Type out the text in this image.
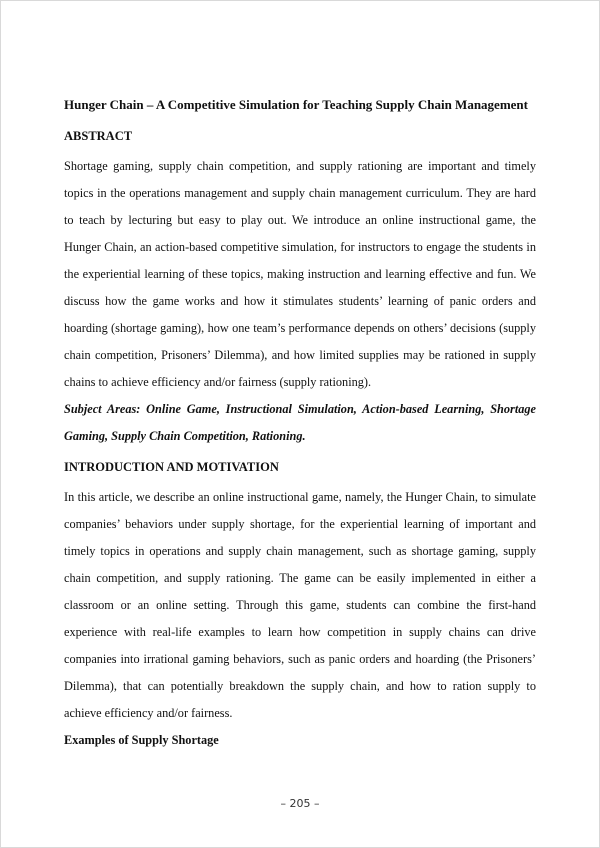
Hunger Chain – A Competitive Simulation for Teaching Supply Chain Management
ABSTRACT

Shortage gaming, supply chain competition, and supply rationing are important and timely topics in the operations management and supply chain management curriculum. They are hard to teach by lecturing but easy to play out. We introduce an online instructional game, the Hunger Chain, an action-based competitive simulation, for instructors to engage the students in the experiential learning of these topics, making instruction and learning effective and fun. We discuss how the game works and how it stimulates students’ learning of panic orders and hoarding (shortage gaming), how one team’s performance depends on others’ decisions (supply chain competition, Prisoners’ Dilemma), and how limited supplies may be rationed in supply chains to achieve efficiency and/or fairness (supply rationing).

Subject Areas: Online Game, Instructional Simulation, Action-based Learning, Shortage Gaming, Supply Chain Competition, Rationing.

INTRODUCTION AND MOTIVATION

In this article, we describe an online instructional game, namely, the Hunger Chain, to simulate companies’ behaviors under supply shortage, for the experiential learning of important and timely topics in operations and supply chain management, such as shortage gaming, supply chain competition, and supply rationing. The game can be easily implemented in either a classroom or an online setting. Through this game, students can combine the first-hand experience with real-life examples to learn how competition in supply chains can drive companies into irrational gaming behaviors, such as panic orders and hoarding (the Prisoners’ Dilemma), that can potentially breakdown the supply chain, and how to ration supply to achieve efficiency and/or fairness.

Examples of Supply Shortage
– 205 –
